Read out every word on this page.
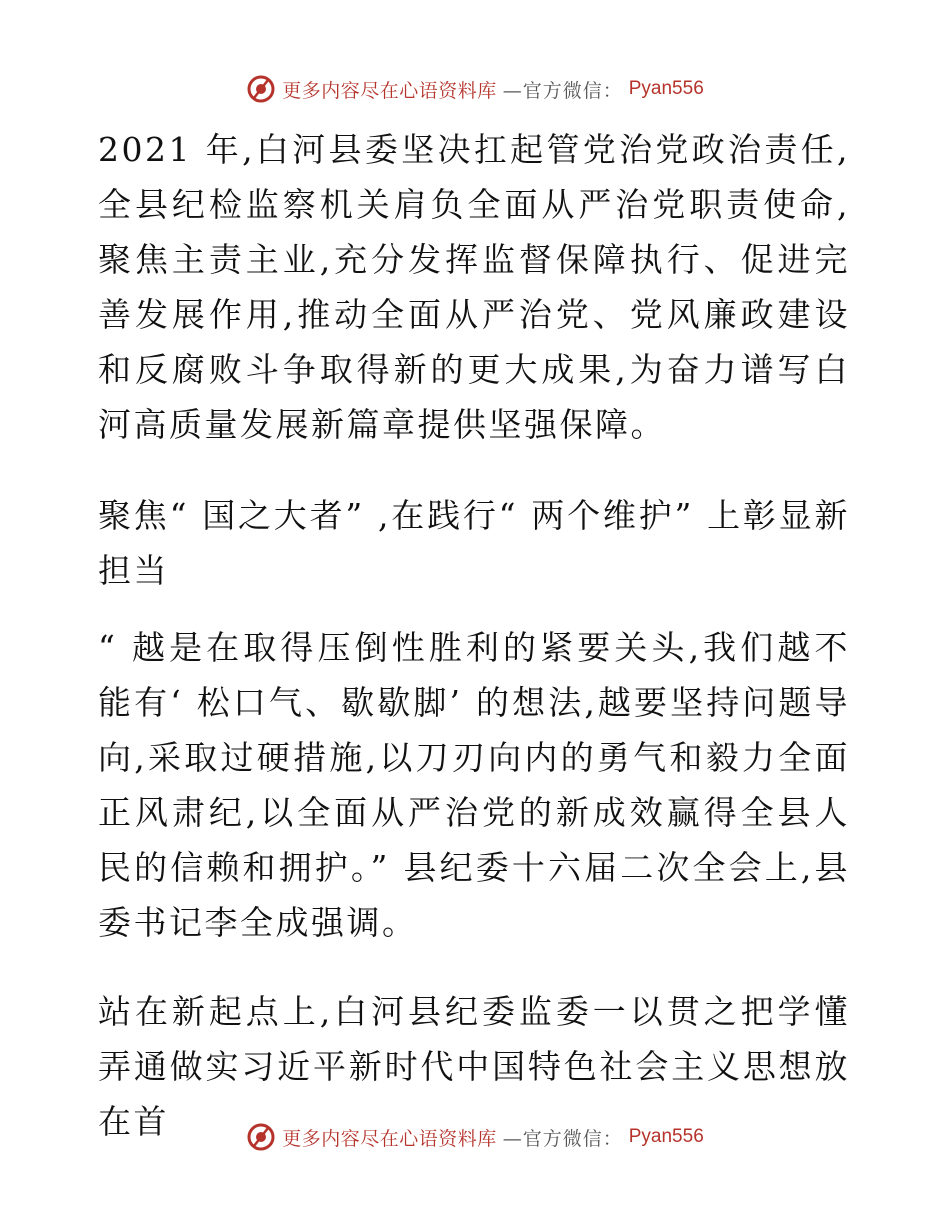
更多内容尽在心语资料库 —官方微信： Pyan556

2021 年,白河县委坚决扛起管党治党政治责任,全县纪检监察机关肩负全面从严治党职责使命,聚焦主责主业,充分发挥监督保障执行、促进完善发展作用,推动全面从严治党、党风廉政建设和反腐败斗争取得新的更大成果,为奋力谱写白河高质量发展新篇章提供坚强保障。

聚焦“ 国之大者” ,在践行“ 两个维护” 上彰显新担当

“ 越是在取得压倒性胜利的紧要关头,我们越不能有‘ 松口气、歇歇脚’ 的想法,越要坚持问题导向,采取过硬措施,以刀刃向内的勇气和毅力全面正风肃纪,以全面从严治党的新成效赢得全县人民的信赖和拥护。” 县纪委十六届二次全会上,县委书记李全成强调。

站在新起点上,白河县纪委监委一以贯之把学懂弄通做实习近平新时代中国特色社会主义思想放在首	更多内容尽在心语资料库 —官方微信： Pyan556
